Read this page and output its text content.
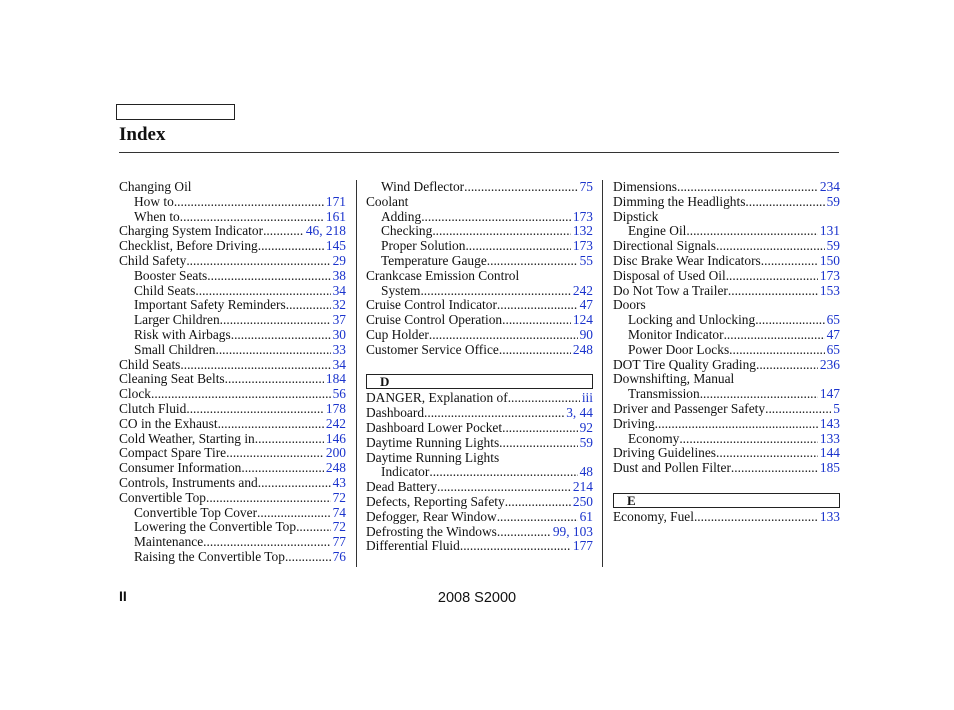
Index
Changing Oil
How to .....	171
When to .....	161
Charging System Indicator .....	46, 218
Checklist, Before Driving .....	145
Child Safety .....	29
Booster Seats .....	38
Child Seats .....	34
Important Safety Reminders .....	32
Larger Children .....	37
Risk with Airbags .....	30
Small Children .....	33
Child Seats .....	34
Cleaning Seat Belts .....	184
Clock .....	56
Clutch Fluid .....	178
CO in the Exhaust .....	242
Cold Weather, Starting in .....	146
Compact Spare Tire .....	200
Consumer Information .....	248
Controls, Instruments and .....	43
Convertible Top .....	72
Convertible Top Cover .....	74
Lowering the Convertible Top .....	72
Maintenance .....	77
Raising the Convertible Top .....	76
Wind Deflector .....	75
Coolant
Adding .....	173
Checking .....	132
Proper Solution .....	173
Temperature Gauge .....	55
Crankcase Emission Control
System .....	242
Cruise Control Indicator .....	47
Cruise Control Operation .....	124
Cup Holder .....	90
Customer Service Office .....	248
D
DANGER, Explanation of .....	iii
Dashboard .....	3, 44
Dashboard Lower Pocket .....	92
Daytime Running Lights .....	59
Daytime Running Lights
Indicator .....	48
Dead Battery .....	214
Defects, Reporting Safety .....	250
Defogger, Rear Window .....	61
Defrosting the Windows .....	99, 103
Differential Fluid .....	177
Dimensions .....	234
Dimming the Headlights .....	59
Dipstick
Engine Oil .....	131
Directional Signals .....	59
Disc Brake Wear Indicators .....	150
Disposal of Used Oil .....	173
Do Not Tow a Trailer .....	153
Doors
Locking and Unlocking .....	65
Monitor Indicator .....	47
Power Door Locks .....	65
DOT Tire Quality Grading .....	236
Downshifting, Manual
Transmission .....	147
Driver and Passenger Safety .....	5
Driving .....	143
Economy .....	133
Driving Guidelines .....	144
Dust and Pollen Filter .....	185
E
Economy, Fuel .....	133
II	2008 S2000
